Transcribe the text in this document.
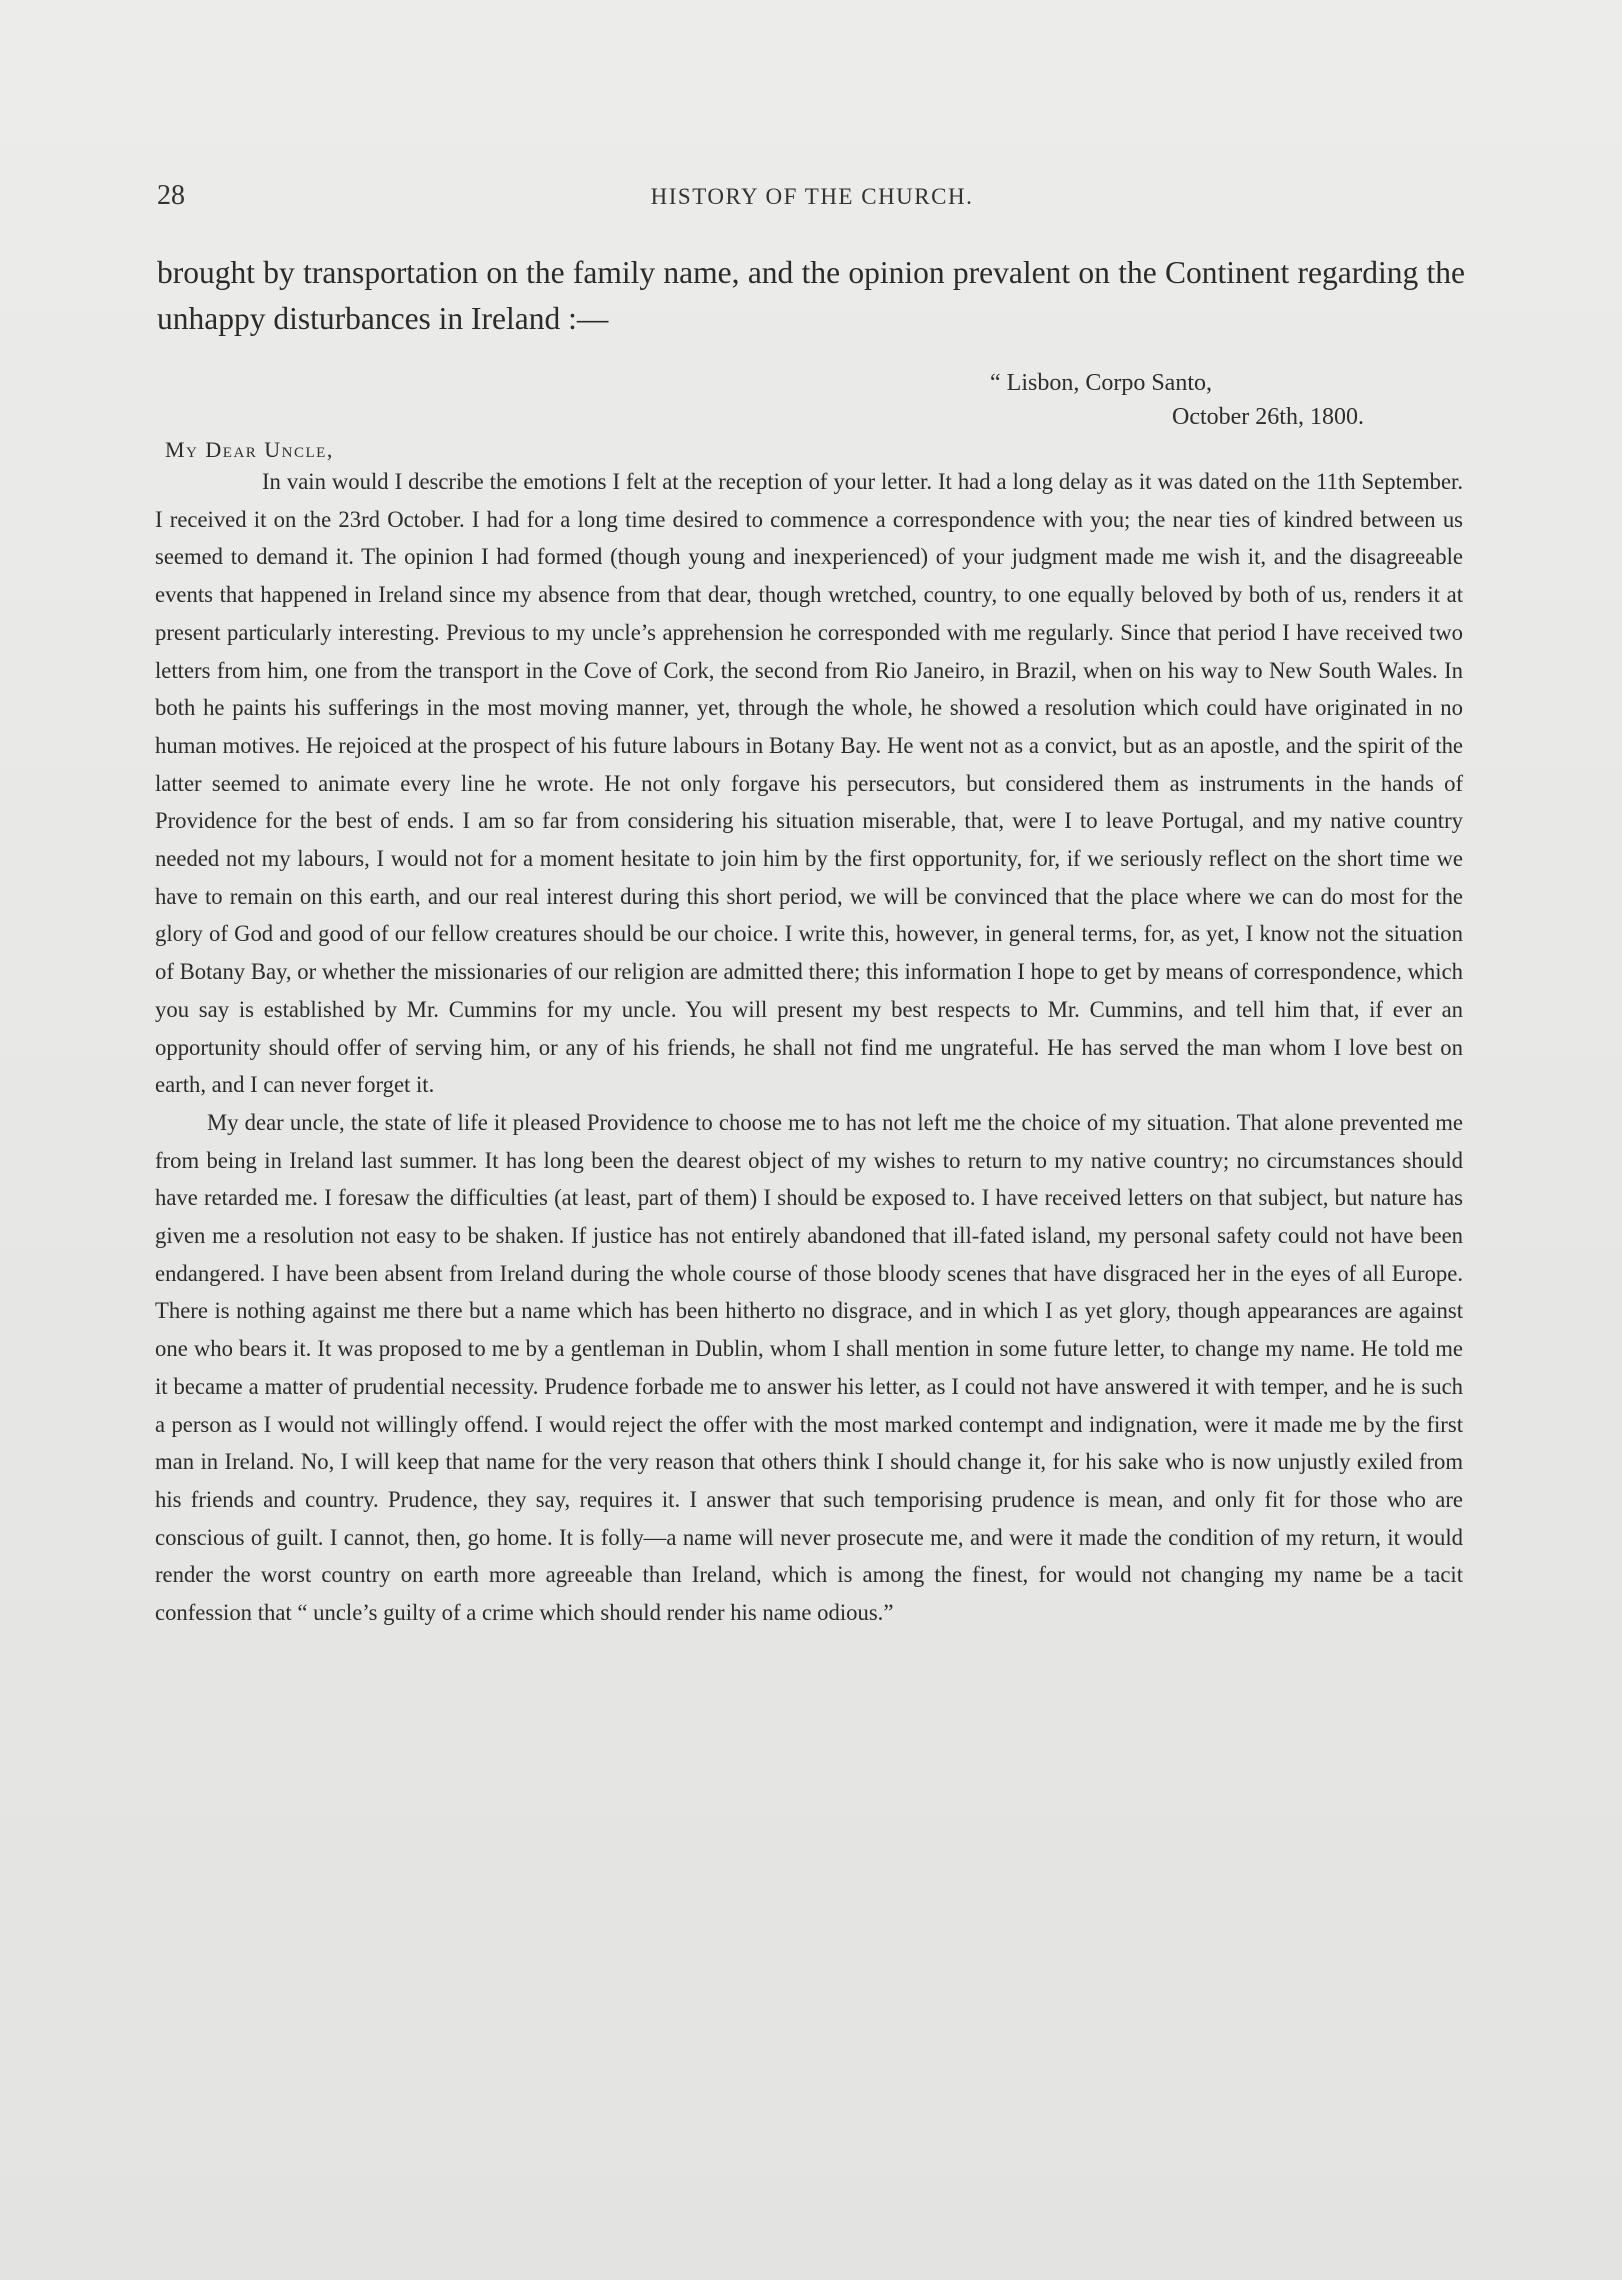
28	HISTORY OF THE CHURCH.
brought by transportation on the family name, and the opinion prevalent on the Continent regarding the unhappy disturbances in Ireland :—
“ Lisbon, Corpo Santo,
October 26th, 1800.
My Dear Uncle,

In vain would I describe the emotions I felt at the reception of your letter. It had a long delay as it was dated on the 11th September. I received it on the 23rd October. I had for a long time desired to commence a correspondence with you; the near ties of kindred between us seemed to demand it. The opinion I had formed (though young and inexperienced) of your judgment made me wish it, and the disagreeable events that happened in Ireland since my absence from that dear, though wretched, country, to one equally beloved by both of us, renders it at present particularly interesting. Previous to my uncle’s apprehension he corresponded with me regularly. Since that period I have received two letters from him, one from the transport in the Cove of Cork, the second from Rio Janeiro, in Brazil, when on his way to New South Wales. In both he paints his sufferings in the most moving manner, yet, through the whole, he showed a resolution which could have originated in no human motives. He rejoiced at the prospect of his future labours in Botany Bay. He went not as a convict, but as an apostle, and the spirit of the latter seemed to animate every line he wrote. He not only forgave his persecutors, but considered them as instruments in the hands of Providence for the best of ends. I am so far from considering his situation miserable, that, were I to leave Portugal, and my native country needed not my labours, I would not for a moment hesitate to join him by the first opportunity, for, if we seriously reflect on the short time we have to remain on this earth, and our real interest during this short period, we will be convinced that the place where we can do most for the glory of God and good of our fellow creatures should be our choice. I write this, however, in general terms, for, as yet, I know not the situation of Botany Bay, or whether the missionaries of our religion are admitted there; this information I hope to get by means of correspondence, which you say is established by Mr. Cummins for my uncle. You will present my best respects to Mr. Cummins, and tell him that, if ever an opportunity should offer of serving him, or any of his friends, he shall not find me ungrateful. He has served the man whom I love best on earth, and I can never forget it.

My dear uncle, the state of life it pleased Providence to choose me to has not left me the choice of my situation. That alone prevented me from being in Ireland last summer. It has long been the dearest object of my wishes to return to my native country; no circumstances should have retarded me. I foresaw the difficulties (at least, part of them) I should be exposed to. I have received letters on that subject, but nature has given me a resolution not easy to be shaken. If justice has not entirely abandoned that ill-fated island, my personal safety could not have been endangered. I have been absent from Ireland during the whole course of those bloody scenes that have disgraced her in the eyes of all Europe. There is nothing against me there but a name which has been hitherto no disgrace, and in which I as yet glory, though appearances are against one who bears it. It was proposed to me by a gentleman in Dublin, whom I shall mention in some future letter, to change my name. He told me it became a matter of prudential necessity. Prudence forbade me to answer his letter, as I could not have answered it with temper, and he is such a person as I would not willingly offend. I would reject the offer with the most marked contempt and indignation, were it made me by the first man in Ireland. No, I will keep that name for the very reason that others think I should change it, for his sake who is now unjustly exiled from his friends and country. Prudence, they say, requires it. I answer that such temporising prudence is mean, and only fit for those who are conscious of guilt. I cannot, then, go home. It is folly—a name will never prosecute me, and were it made the condition of my return, it would render the worst country on earth more agreeable than Ireland, which is among the finest, for would not changing my name be a tacit confession that “ uncle’s guilty of a crime which should render his name odious.”
